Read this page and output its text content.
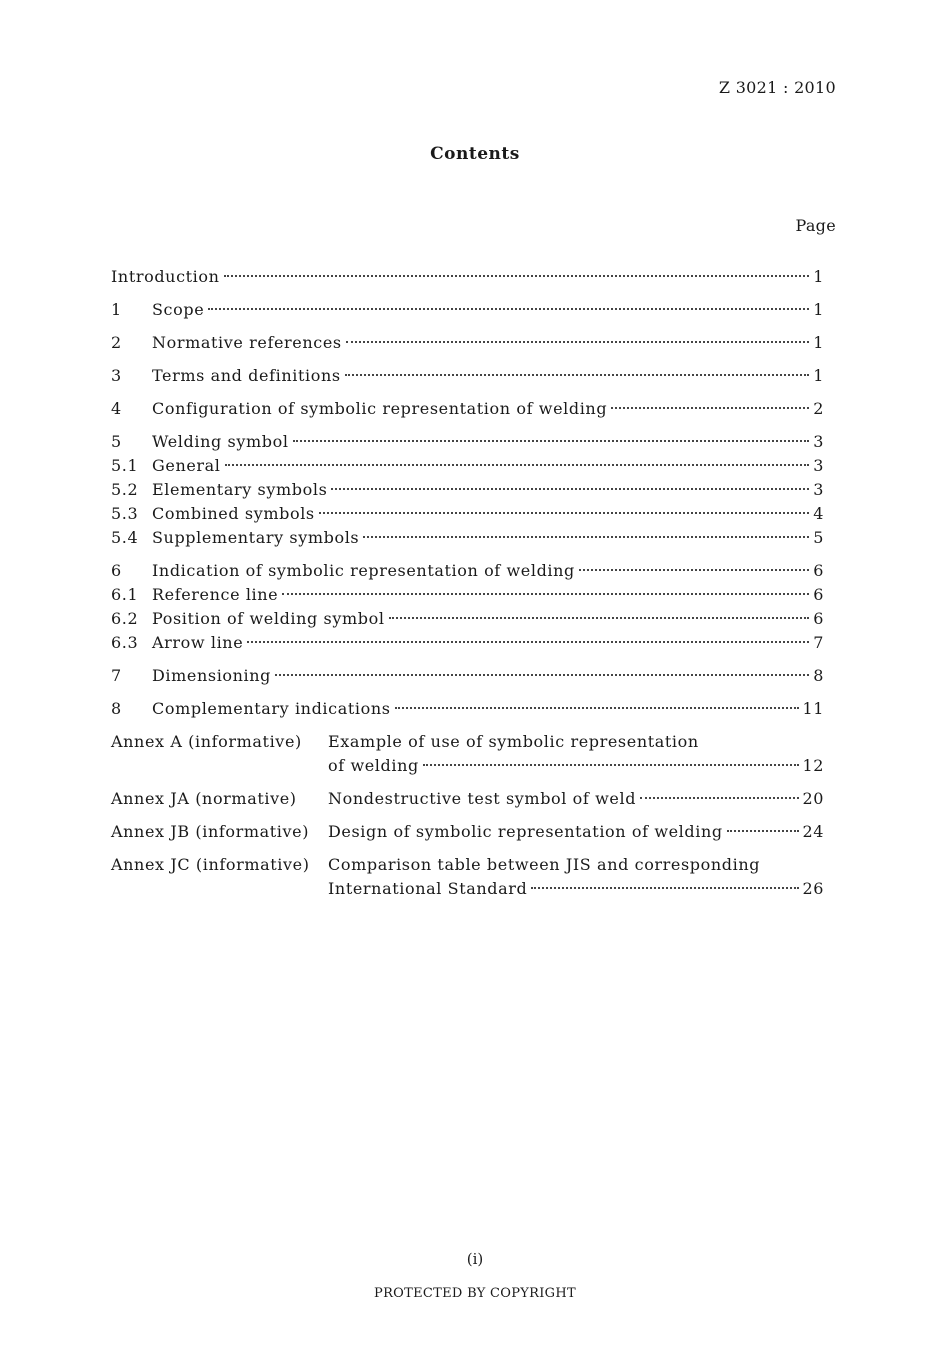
Z 3021 : 2010
Contents
Page
Introduction	1
1	Scope	1
2	Normative references	1
3	Terms and definitions	1
4	Configuration of symbolic representation of welding	2
5	Welding symbol	3
5.1 General	3
5.2 Elementary symbols	3
5.3 Combined symbols	4
5.4 Supplementary symbols	5
6	Indication of symbolic representation of welding	6
6.1 Reference line	6
6.2 Position of welding symbol	6
6.3 Arrow line	7
7	Dimensioning	8
8	Complementary indications	11
Annex A (informative)	Example of use of symbolic representation
of welding	12
Annex JA (normative)	Nondestructive test symbol of weld	20
Annex JB (informative)	Design of symbolic representation of welding	24
Annex JC (informative)	Comparison table between JIS and corresponding
International Standard	26
(i)
PROTECTED BY COPYRIGHT
